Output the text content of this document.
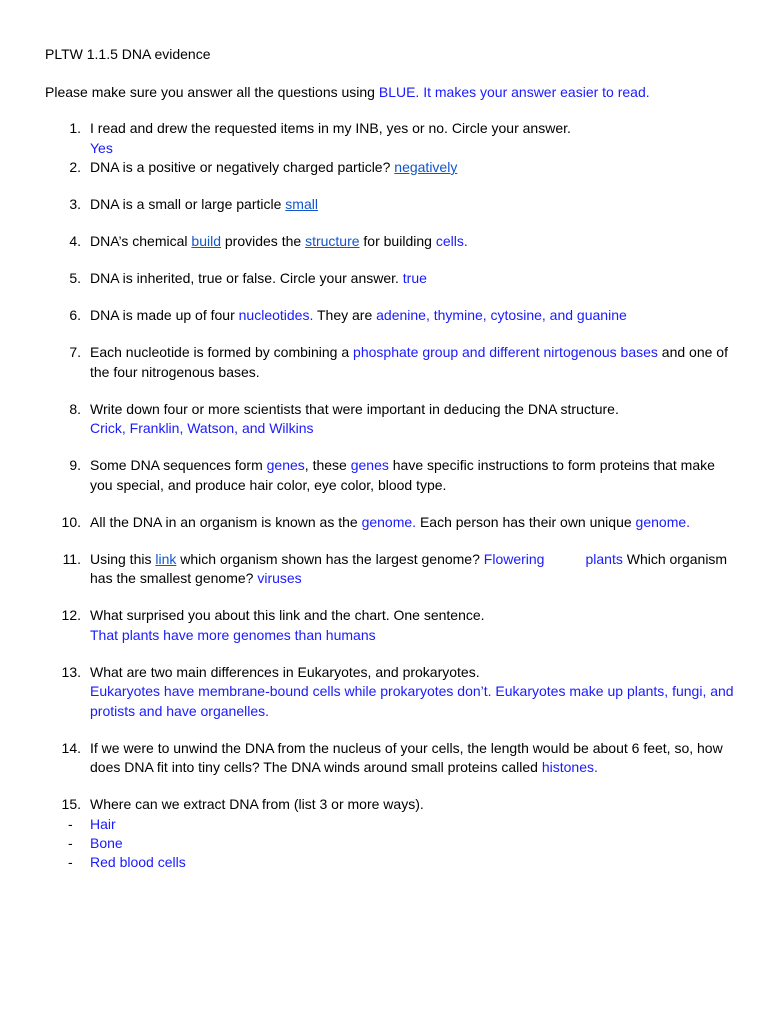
PLTW 1.1.5 DNA evidence
Please make sure you answer all the questions using BLUE. It makes your answer easier to read.
1. I read and drew the requested items in my INB, yes or no. Circle your answer.
Yes
2. DNA is a positive or negatively charged particle? negatively
3. DNA is a small or large particle small
4. DNA’s chemical build provides the structure for building cells.
5. DNA is inherited, true or false. Circle your answer. true
6. DNA is made up of four nucleotides. They are adenine, thymine, cytosine, and guanine
7. Each nucleotide is formed by combining a phosphate group and different nirtogenous bases and one of the four nitrogenous bases.
8. Write down four or more scientists that were important in deducing the DNA structure.
Crick, Franklin, Watson, and Wilkins
9. Some DNA sequences form genes, these genes have specific instructions to form proteins that make you special, and produce hair color, eye color, blood type.
10. All the DNA in an organism is known as the genome. Each person has their own unique genome.
11. Using this link which organism shown has the largest genome? Flowering	plants Which organism has the smallest genome? viruses
12. What surprised you about this link and the chart. One sentence.
That plants have more genomes than humans
13. What are two main differences in Eukaryotes, and prokaryotes.
Eukaryotes have membrane-bound cells while prokaryotes don’t. Eukaryotes make up plants, fungi, and protists and have organelles.
14. If we were to unwind the DNA from the nucleus of your cells, the length would be about 6 feet, so, how does DNA fit into tiny cells? The DNA winds around small proteins called histones.
15. Where can we extract DNA from (list 3 or more ways).
- Hair
- Bone
- Red blood cells
